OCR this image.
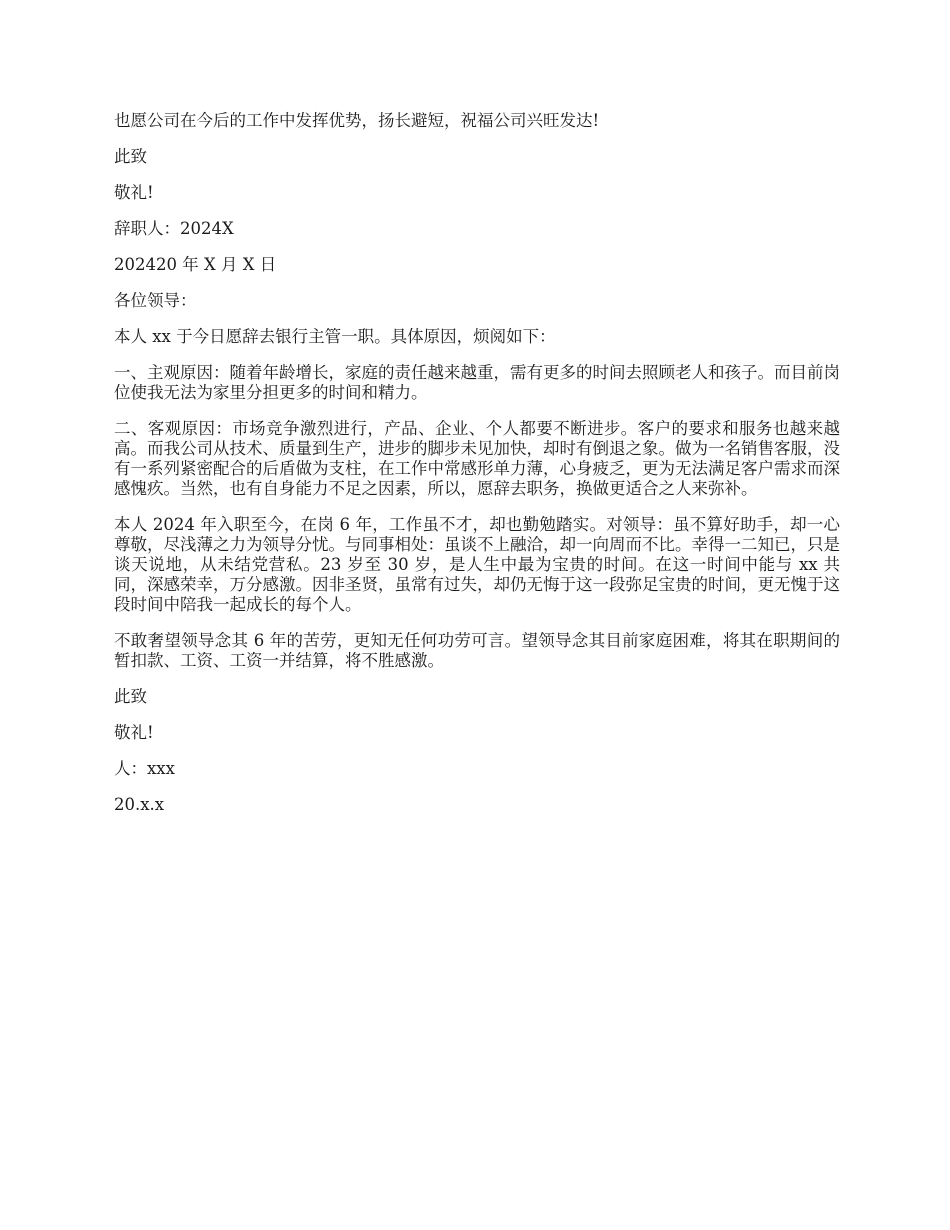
也愿公司在今后的工作中发挥优势，扬长避短，祝福公司兴旺发达!

此致

敬礼!

辞职人：2024X

202420 年 X 月 X 日

各位领导：

本人 xx 于今日愿辞去银行主管一职。具体原因，烦阅如下：

一、主观原因：随着年龄增长，家庭的责任越来越重，需有更多的时间去照顾老人和孩子。而目前岗位使我无法为家里分担更多的时间和精力。

二、客观原因：市场竞争激烈进行，产品、企业、个人都要不断进步。客户的要求和服务也越来越高。而我公司从技术、质量到生产，进步的脚步未见加快，却时有倒退之象。做为一名销售客服，没有一系列紧密配合的后盾做为支柱，在工作中常感形单力薄，心身疲乏，更为无法满足客户需求而深感愧疚。当然，也有自身能力不足之因素，所以，愿辞去职务，换做更适合之人来弥补。

本人 2024 年入职至今，在岗 6 年，工作虽不才，却也勤勉踏实。对领导：虽不算好助手，却一心尊敬，尽浅薄之力为领导分忧。与同事相处：虽谈不上融洽，却一向周而不比。幸得一二知已，只是谈天说地，从未结党营私。23 岁至 30 岁，是人生中最为宝贵的时间。在这一时间中能与 xx 共同，深感荣幸，万分感激。因非圣贤，虽常有过失，却仍无悔于这一段弥足宝贵的时间，更无愧于这段时间中陪我一起成长的每个人。

不敢奢望领导念其 6 年的苦劳，更知无任何功劳可言。望领导念其目前家庭困难，将其在职期间的暂扣款、工资、工资一并结算，将不胜感激。

此致

敬礼!

人：xxx

20.x.x
